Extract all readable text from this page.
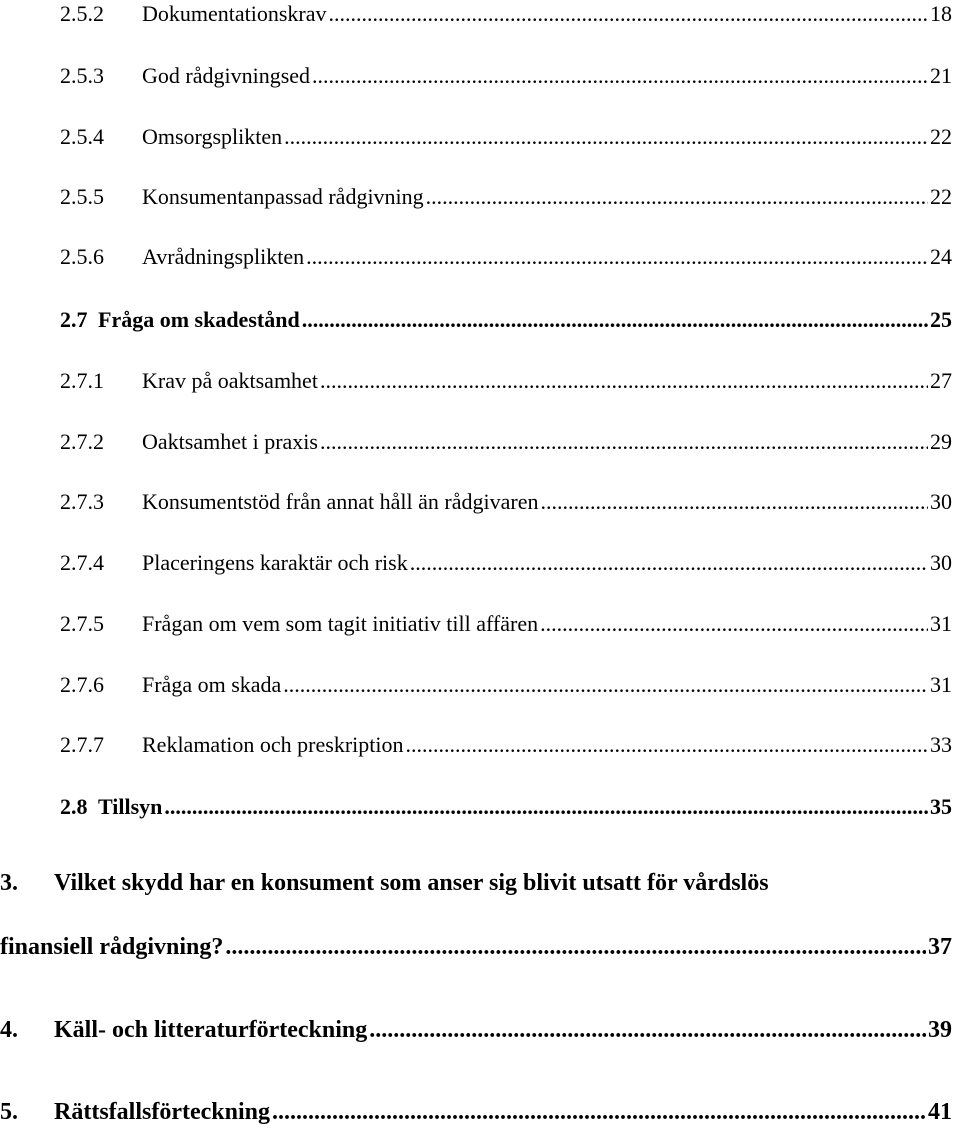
2.5.2	Dokumentationskrav .....	18
2.5.3	God rådgivningsed .....	21
2.5.4	Omsorgsplikten .....	22
2.5.5	Konsumentanpassad rådgivning .....	22
2.5.6	Avrådningsplikten .....	24
2.7 Fråga om skadestånd .....	25
2.7.1	Krav på oaktsamhet .....	27
2.7.2	Oaktsamhet i praxis .....	29
2.7.3	Konsumentstöd från annat håll än rådgivaren .....	30
2.7.4	Placeringens karaktär och risk .....	30
2.7.5	Frågan om vem som tagit initiativ till affären .....	31
2.7.6	Fråga om skada .....	31
2.7.7	Reklamation och preskription .....	33
2.8 Tillsyn .....	35
3.	Vilket skydd har en konsument som anser sig blivit utsatt för vårdslös
finansiell rådgivning? .....	37
4.	Käll- och litteraturförteckning .....	39
5.	Rättsfallsförteckning .....	41
